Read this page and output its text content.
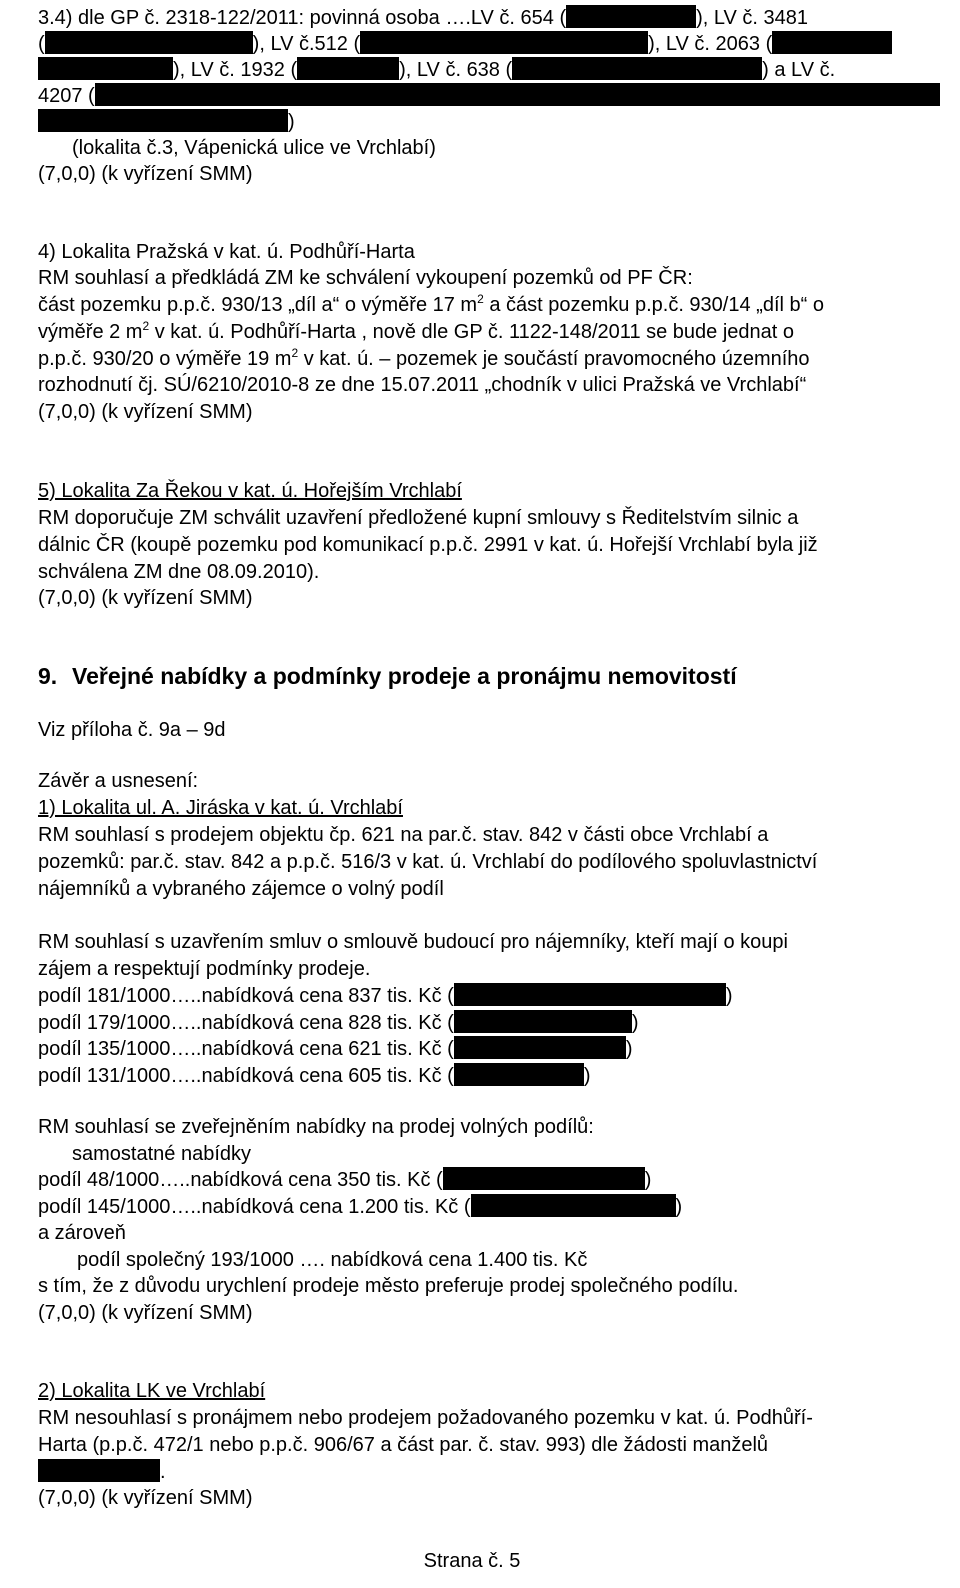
3.4) dle GP č. 2318-122/2011: povinná osoba ….LV č. 654 (	), LV č. 3481
(	), LV č.512 (	), LV č. 2063 (
), LV č. 1932 (	), LV č. 638 (	) a LV č.
4207 (
)
(lokalita č.3, Vápenická ulice ve Vrchlabí)
(7,0,0) (k vyřízení SMM)
4) Lokalita Pražská v kat. ú. Podhůří-Harta
RM souhlasí a předkládá ZM ke schválení vykoupení pozemků od PF ČR:
část pozemku p.p.č. 930/13 „díl a“ o výměře 17 $m^2$ a část pozemku p.p.č. 930/14 „díl b“ o
výměře 2 $m^2$ v kat. ú. Podhůří-Harta , nově dle GP č. 1122-148/2011 se bude jednat o
p.p.č. 930/20 o výměře 19 $m^2$ v kat. ú. – pozemek je součástí pravomocného územního
rozhodnutí čj. SÚ/6210/2010-8 ze dne 15.07.2011 „chodník v ulici Pražská ve Vrchlabí“
(7,0,0) (k vyřízení SMM)
5) Lokalita Za Řekou v kat. ú. Hořejším Vrchlabí
RM doporučuje ZM schválit uzavření předložené kupní smlouvy s Ředitelstvím silnic a
dálnic ČR (koupě pozemku pod komunikací p.p.č. 2991 v kat. ú. Hořejší Vrchlabí byla již
schválena ZM dne 08.09.2010).
(7,0,0) (k vyřízení SMM)
9. Veřejné nabídky a podmínky prodeje a pronájmu nemovitostí
Viz příloha č. 9a – 9d
Závěr a usnesení:
1) Lokalita ul. A. Jiráska v kat. ú. Vrchlabí
RM souhlasí s prodejem objektu čp. 621 na par.č. stav. 842 v části obce Vrchlabí a
pozemků: par.č. stav. 842 a p.p.č. 516/3 v kat. ú. Vrchlabí do podílového spoluvlastnictví
nájemníků a vybraného zájemce o volný podíl
RM souhlasí s uzavřením smluv o smlouvě budoucí pro nájemníky, kteří mají o koupi
zájem a respektují podmínky prodeje.
podíl 181/1000…..nabídková cena 837 tis. Kč (	)
podíl 179/1000…..nabídková cena 828 tis. Kč (	)
podíl 135/1000…..nabídková cena 621 tis. Kč (	)
podíl 131/1000…..nabídková cena 605 tis. Kč (	)
RM souhlasí se zveřejněním nabídky na prodej volných podílů:
samostatné nabídky
podíl 48/1000…..nabídková cena 350 tis. Kč (	)
podíl 145/1000…..nabídková cena 1.200 tis. Kč (	)
a zároveň
podíl společný 193/1000 …. nabídková cena 1.400 tis. Kč
s tím, že z důvodu urychlení prodeje město preferuje prodej společného podílu.
(7,0,0) (k vyřízení SMM)
2) Lokalita LK ve Vrchlabí
RM nesouhlasí s pronájmem nebo prodejem požadovaného pozemku v kat. ú. Podhůří-
Harta (p.p.č. 472/1 nebo p.p.č. 906/67 a část par. č. stav. 993) dle žádosti manželů
.
(7,0,0) (k vyřízení SMM)
Strana č. 5
